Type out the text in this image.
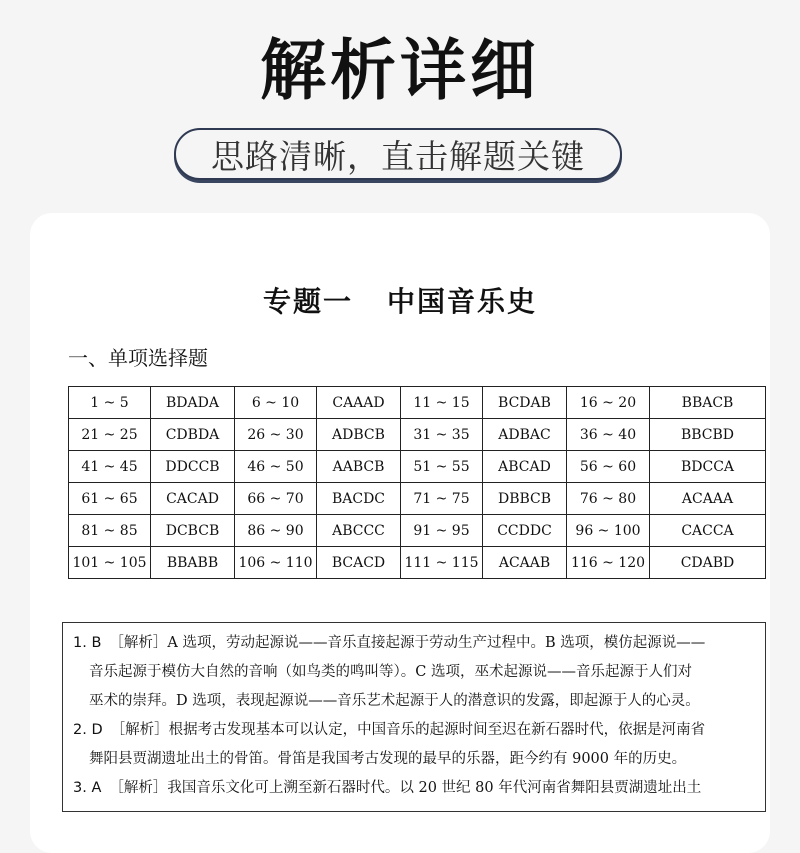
解析详细
思路清晰，直击解题关键
专题一 中国音乐史
一、单项选择题
1 ~ 5	BDADA	6 ~ 10	CAAAD	11 ~ 15	BCDAB	16 ~ 20	BBACB
21 ~ 25	CDBDA	26 ~ 30	ADBCB	31 ~ 35	ADBAC	36 ~ 40	BBCBD
41 ~ 45	DDCCB	46 ~ 50	AABCB	51 ~ 55	ABCAD	56 ~ 60	BDCCA
61 ~ 65	CACAD	66 ~ 70	BACDC	71 ~ 75	DBBCB	76 ~ 80	ACAAA
81 ~ 85	DCBCB	86 ~ 90	ABCCC	91 ~ 95	CCDDC	96 ~ 100	CACCA
101 ~ 105	BBABB	106 ~ 110	BCACD	111 ~ 115	ACAAB	116 ~ 120	CDABD

1. B ［解析］A 选项，劳动起源说——音乐直接起源于劳动生产过程中。B 选项，模仿起源说——

音乐起源于模仿大自然的音响（如鸟类的鸣叫等）。C 选项，巫术起源说——音乐起源于人们对

巫术的崇拜。D 选项，表现起源说——音乐艺术起源于人的潜意识的发露，即起源于人的心灵。

2. D ［解析］根据考古发现基本可以认定，中国音乐的起源时间至迟在新石器时代，依据是河南省

舞阳县贾湖遗址出土的骨笛。骨笛是我国考古发现的最早的乐器，距今约有 9000 年的历史。

3. A ［解析］我国音乐文化可上溯至新石器时代。以 20 世纪 80 年代河南省舞阳县贾湖遗址出土
